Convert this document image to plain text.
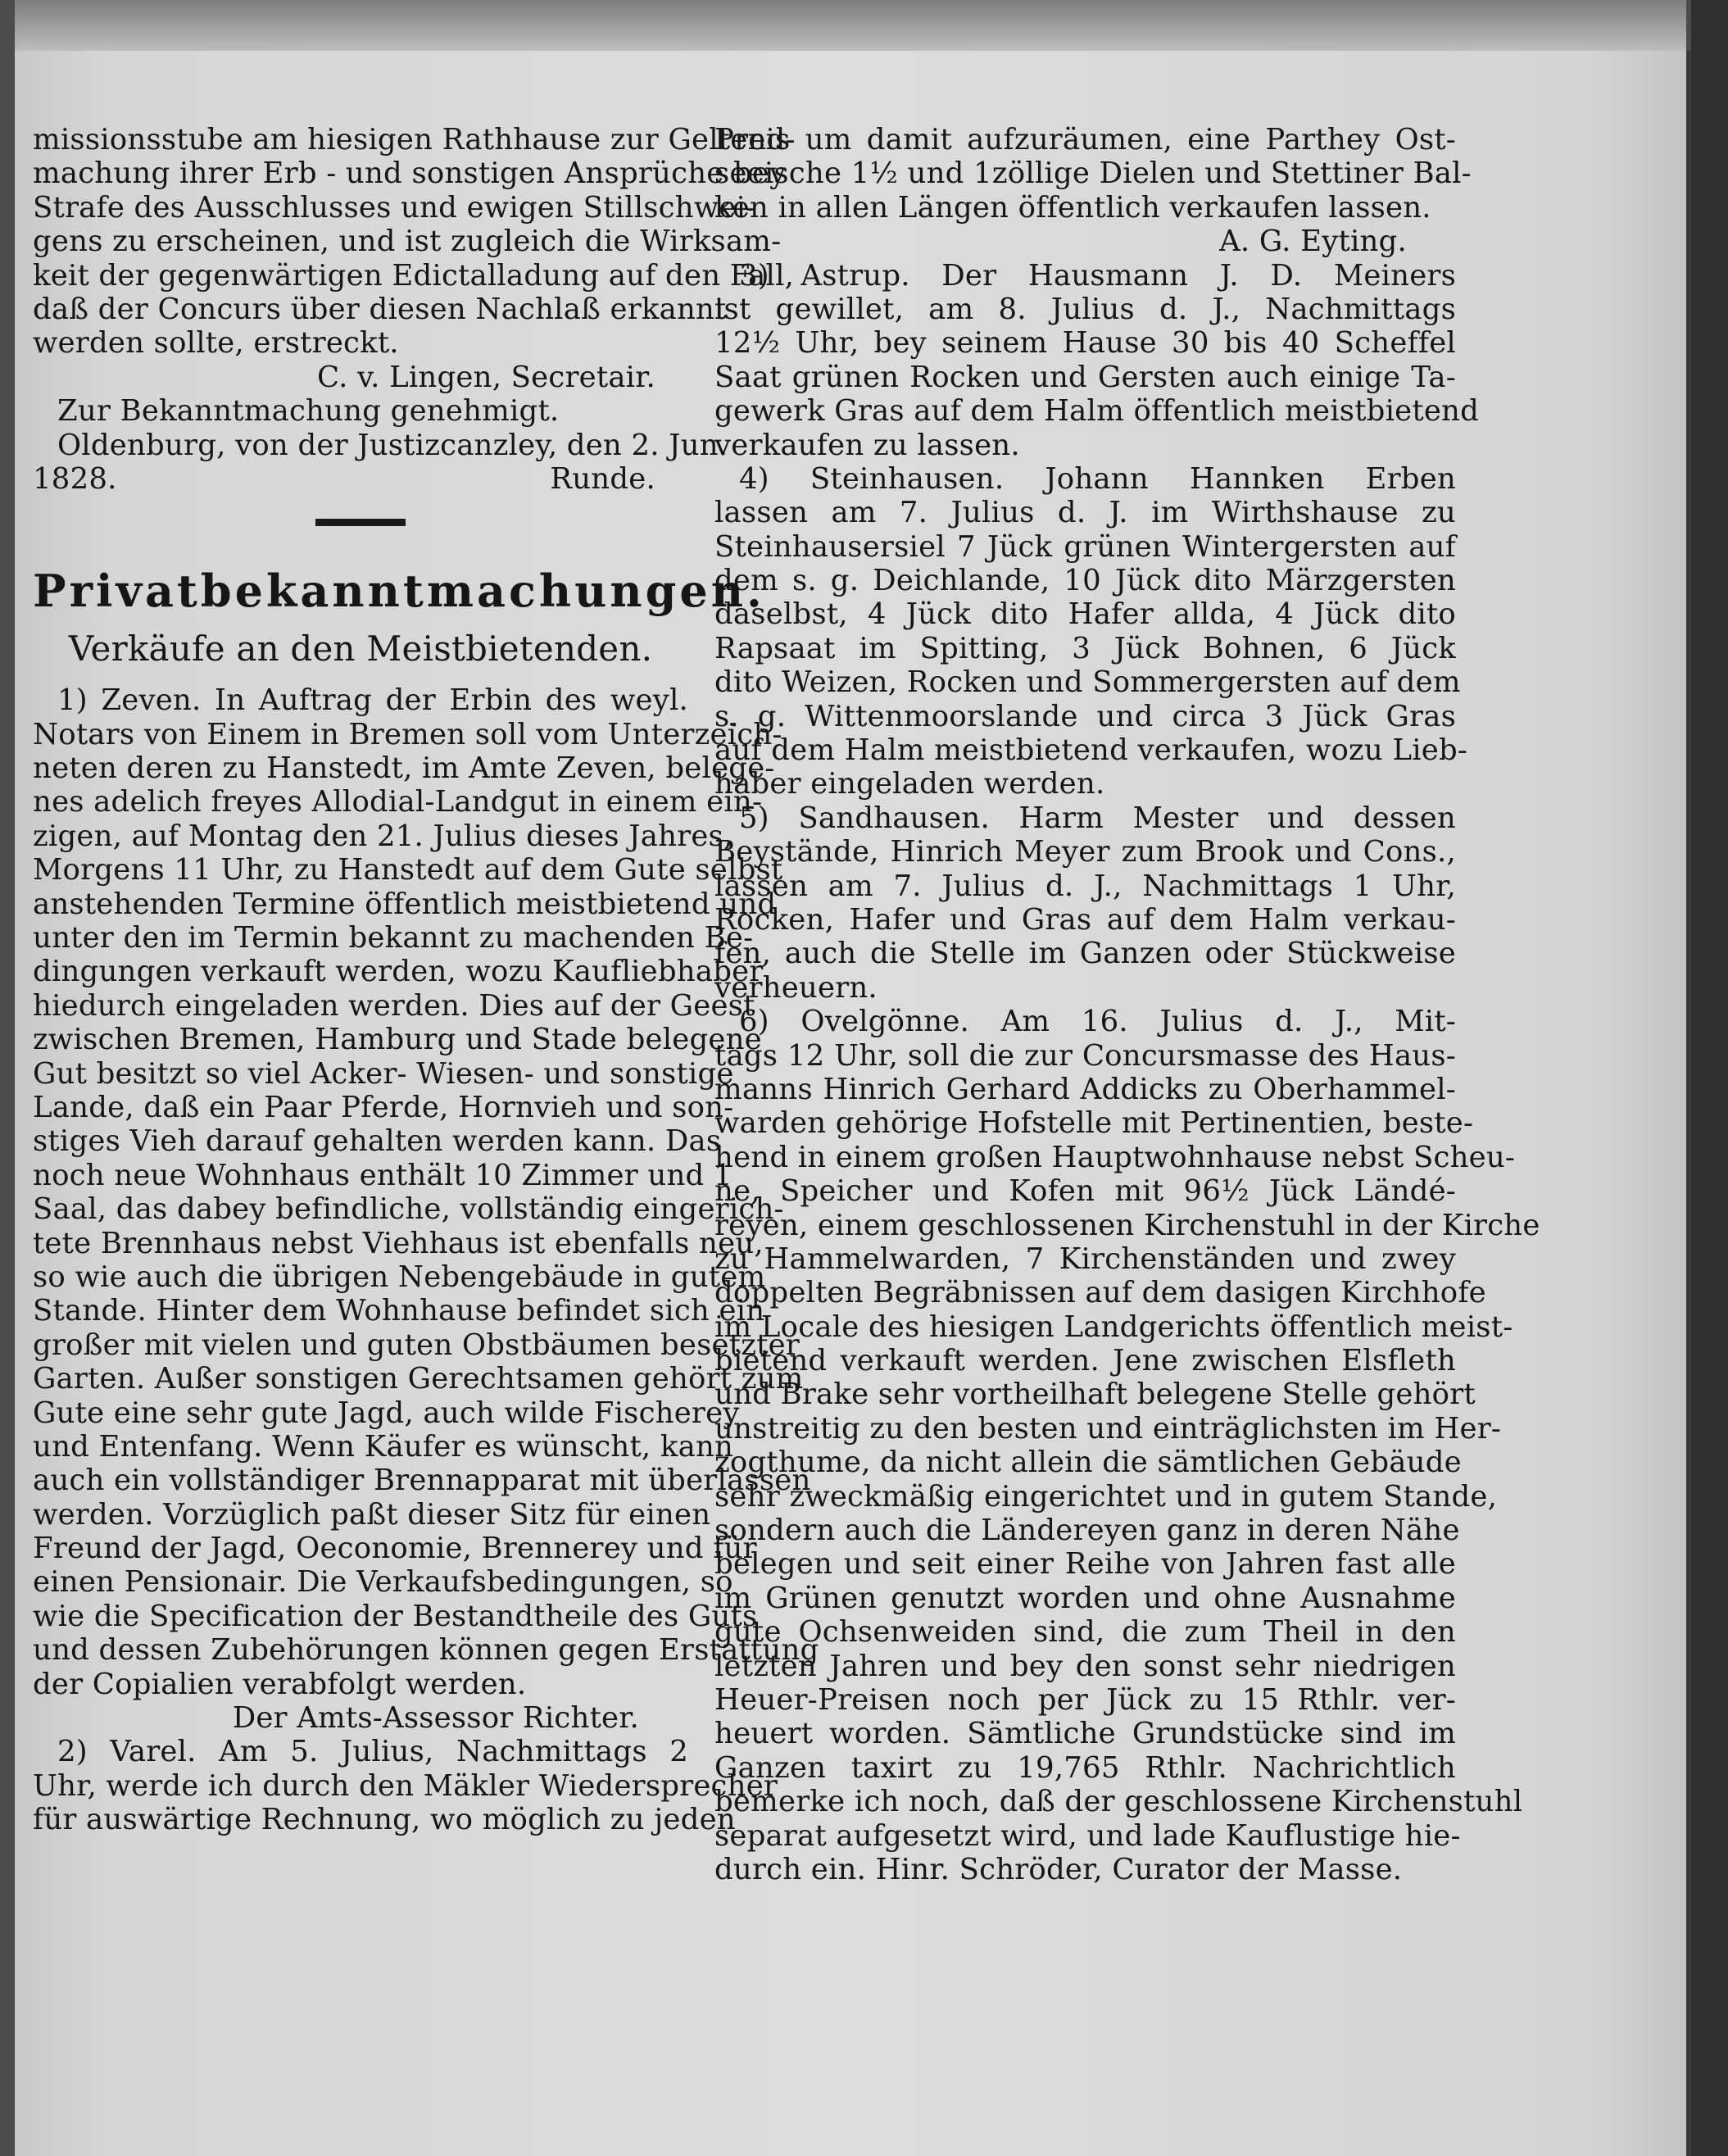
missionsstube am hiesigen Rathhause zur Geltend-
machung ihrer Erb - und sonstigen Ansprüche bey
Strafe des Ausschlusses und ewigen Stillschwei-
gens zu erscheinen, und ist zugleich die Wirksam-
keit der gegenwärtigen Edictalladung auf den Fall,
daß der Concurs über diesen Nachlaß erkannt
werden sollte, erstreckt.
C. v. Lingen, Secretair.
Zur Bekanntmachung genehmigt.
Oldenburg, von der Justizcanzley, den 2. Jun.
1828.	Runde.
Privatbekanntmachungen.
Verkäufe an den Meistbietenden.
1) Zeven. In Auftrag der Erbin des weyl.
Notars von Einem in Bremen soll vom Unterzeich-
neten deren zu Hanstedt, im Amte Zeven, belege-
nes adelich freyes Allodial-Landgut in einem ein-
zigen, auf Montag den 21. Julius dieses Jahres,
Morgens 11 Uhr, zu Hanstedt auf dem Gute selbst
anstehenden Termine öffentlich meistbietend und
unter den im Termin bekannt zu machenden Be-
dingungen verkauft werden, wozu Kaufliebhaber
hiedurch eingeladen werden. Dies auf der Geest
zwischen Bremen, Hamburg und Stade belegene
Gut besitzt so viel Acker- Wiesen- und sonstige
Lande, daß ein Paar Pferde, Hornvieh und son-
stiges Vieh darauf gehalten werden kann. Das
noch neue Wohnhaus enthält 10 Zimmer und 1
Saal, das dabey befindliche, vollständig eingerich-
tete Brennhaus nebst Viehhaus ist ebenfalls neu,
so wie auch die übrigen Nebengebäude in gutem
Stande. Hinter dem Wohnhause befindet sich ein
großer mit vielen und guten Obstbäumen besetzter
Garten. Außer sonstigen Gerechtsamen gehört zum
Gute eine sehr gute Jagd, auch wilde Fischerey
und Entenfang. Wenn Käufer es wünscht, kann
auch ein vollständiger Brennapparat mit überlassen
werden. Vorzüglich paßt dieser Sitz für einen
Freund der Jagd, Oeconomie, Brennerey und für
einen Pensionair. Die Verkaufsbedingungen, so
wie die Specification der Bestandtheile des Guts
und dessen Zubehörungen können gegen Erstattung
der Copialien verabfolgt werden.
Der Amts-Assessor Richter.
2) Varel. Am 5. Julius, Nachmittags 2
Uhr, werde ich durch den Mäkler Wiedersprecher
für auswärtige Rechnung, wo möglich zu jeden
Preis um damit aufzuräumen, eine Parthey Ost-
seeische 1½ und 1zöllige Dielen und Stettiner Bal-
ken in allen Längen öffentlich verkaufen lassen.
A. G. Eyting.
3) Astrup. Der Hausmann J. D. Meiners
ist gewillet, am 8. Julius d. J., Nachmittags
12½ Uhr, bey seinem Hause 30 bis 40 Scheffel
Saat grünen Rocken und Gersten auch einige Ta-
gewerk Gras auf dem Halm öffentlich meistbietend
verkaufen zu lassen.
4) Steinhausen. Johann Hannken Erben
lassen am 7. Julius d. J. im Wirthshause zu
Steinhausersiel 7 Jück grünen Wintergersten auf
dem s. g. Deichlande, 10 Jück dito Märzgersten
daselbst, 4 Jück dito Hafer allda, 4 Jück dito
Rapsaat im Spitting, 3 Jück Bohnen, 6 Jück
dito Weizen, Rocken und Sommergersten auf dem
s. g. Wittenmoorslande und circa 3 Jück Gras
auf dem Halm meistbietend verkaufen, wozu Lieb-
haber eingeladen werden.
5) Sandhausen. Harm Mester und dessen
Beystände, Hinrich Meyer zum Brook und Cons.,
lassen am 7. Julius d. J., Nachmittags 1 Uhr,
Rocken, Hafer und Gras auf dem Halm verkau-
fen, auch die Stelle im Ganzen oder Stückweise
verheuern.
6) Ovelgönne. Am 16. Julius d. J., Mit-
tags 12 Uhr, soll die zur Concursmasse des Haus-
manns Hinrich Gerhard Addicks zu Oberhammel-
warden gehörige Hofstelle mit Pertinentien, beste-
hend in einem großen Hauptwohnhause nebst Scheu-
ne, Speicher und Kofen mit 96½ Jück Ländé-
reyen, einem geschlossenen Kirchenstuhl in der Kirche
zu Hammelwarden, 7 Kirchenständen und zwey
doppelten Begräbnissen auf dem dasigen Kirchhofe
im Locale des hiesigen Landgerichts öffentlich meist-
bietend verkauft werden. Jene zwischen Elsfleth
und Brake sehr vortheilhaft belegene Stelle gehört
unstreitig zu den besten und einträglichsten im Her-
zogthume, da nicht allein die sämtlichen Gebäude
sehr zweckmäßig eingerichtet und in gutem Stande,
sondern auch die Ländereyen ganz in deren Nähe
belegen und seit einer Reihe von Jahren fast alle
im Grünen genutzt worden und ohne Ausnahme
gute Ochsenweiden sind, die zum Theil in den
letzten Jahren und bey den sonst sehr niedrigen
Heuer-Preisen noch per Jück zu 15 Rthlr. ver-
heuert worden. Sämtliche Grundstücke sind im
Ganzen taxirt zu 19,765 Rthlr. Nachrichtlich
bemerke ich noch, daß der geschlossene Kirchenstuhl
separat aufgesetzt wird, und lade Kauflustige hie-
durch ein. Hinr. Schröder, Curator der Masse.
